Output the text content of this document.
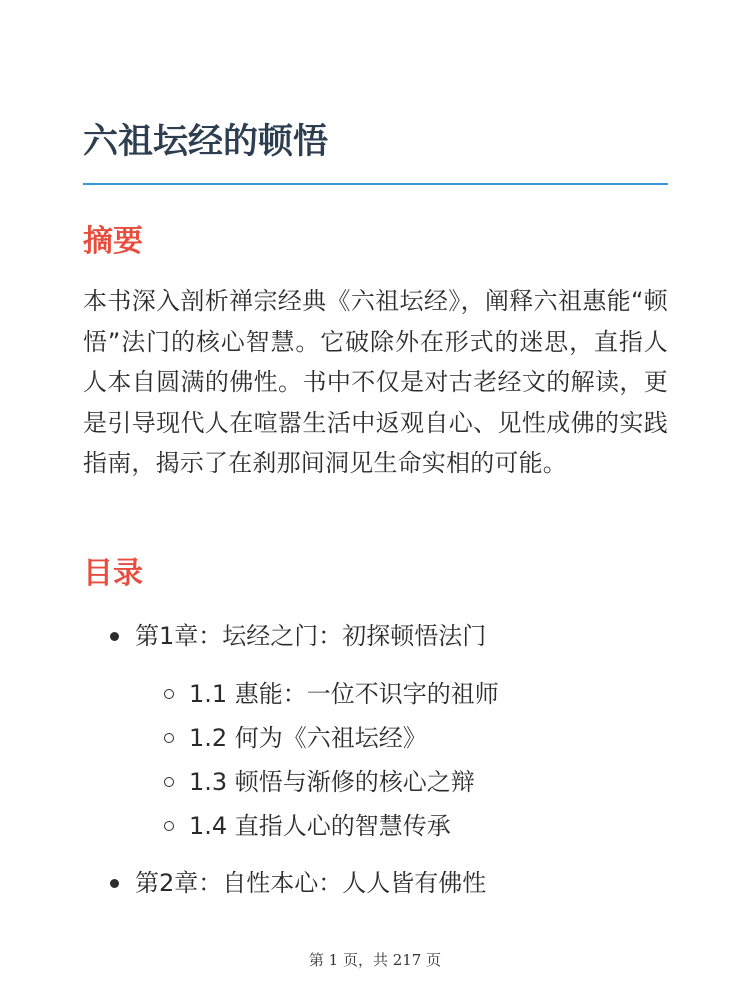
六祖坛经的顿悟
摘要

本书深入剖析禅宗经典《六祖坛经》，阐释六祖惠能“顿悟”法门的核心智慧。它破除外在形式的迷思，直指人人本自圆满的佛性。书中不仅是对古老经文的解读，更是引导现代人在喧嚣生活中返观自心、见性成佛的实践指南，揭示了在刹那间洞见生命实相的可能。

目录
第1章：坛经之门：初探顿悟法门
1.1 惠能：一位不识字的祖师
1.2 何为《六祖坛经》
1.3 顿悟与渐修的核心之辩
1.4 直指人心的智慧传承
第2章：自性本心：人人皆有佛性
第 1 页，共 217 页
